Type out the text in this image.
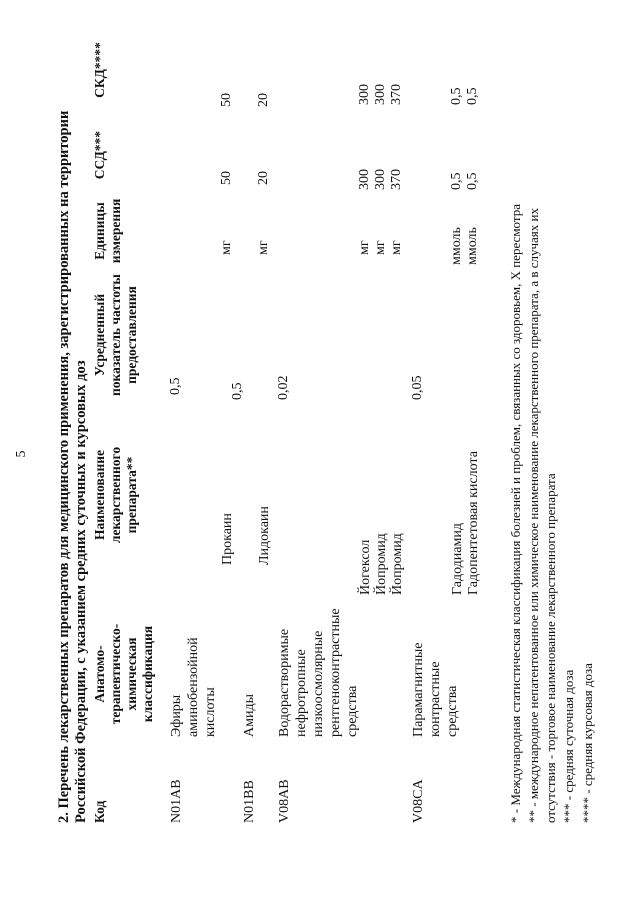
5 2. Перечень лекарственных препаратов для медицинского применения, зарегистрированных на территории Российской Федерации, с указанием средних суточных и курсовых доз Код
Анатомо-терапевтическо-химическая классификация
Наименование лекарственного препарата**
Усредненный показатель частоты предоставления
Единицы измерения
ССД***
СКД****
N01AB
Эфиры аминобензойной кислоты
0,5
Прокаин
мг
50
50
N01BB
Амиды
0,5
Лидокаин
мг
20
20
V08AB
Водорастворимые нефротропные низкоосмолярные рентгеноконтрастные средства
0,02
Йогексол
мг
300
300
Йопромид
мг
300
300
Йопромид
мг
370
370
V08CA
Парамагнитные контрастные средства
0,05
Гадодиамид
ммоль
0,5
0,5
Гадопентетовая кислота
ммоль
0,5
0,5
* - Международная статистическая классификация болезней и проблем, связанных со здоровьем, X пересмотра ** - международное непатентованное или химическое наименование лекарственного препарата, а в случаях их отсутствия - торговое наименование лекарственного препарата *** - средняя суточная доза **** - средняя курсовая доза
